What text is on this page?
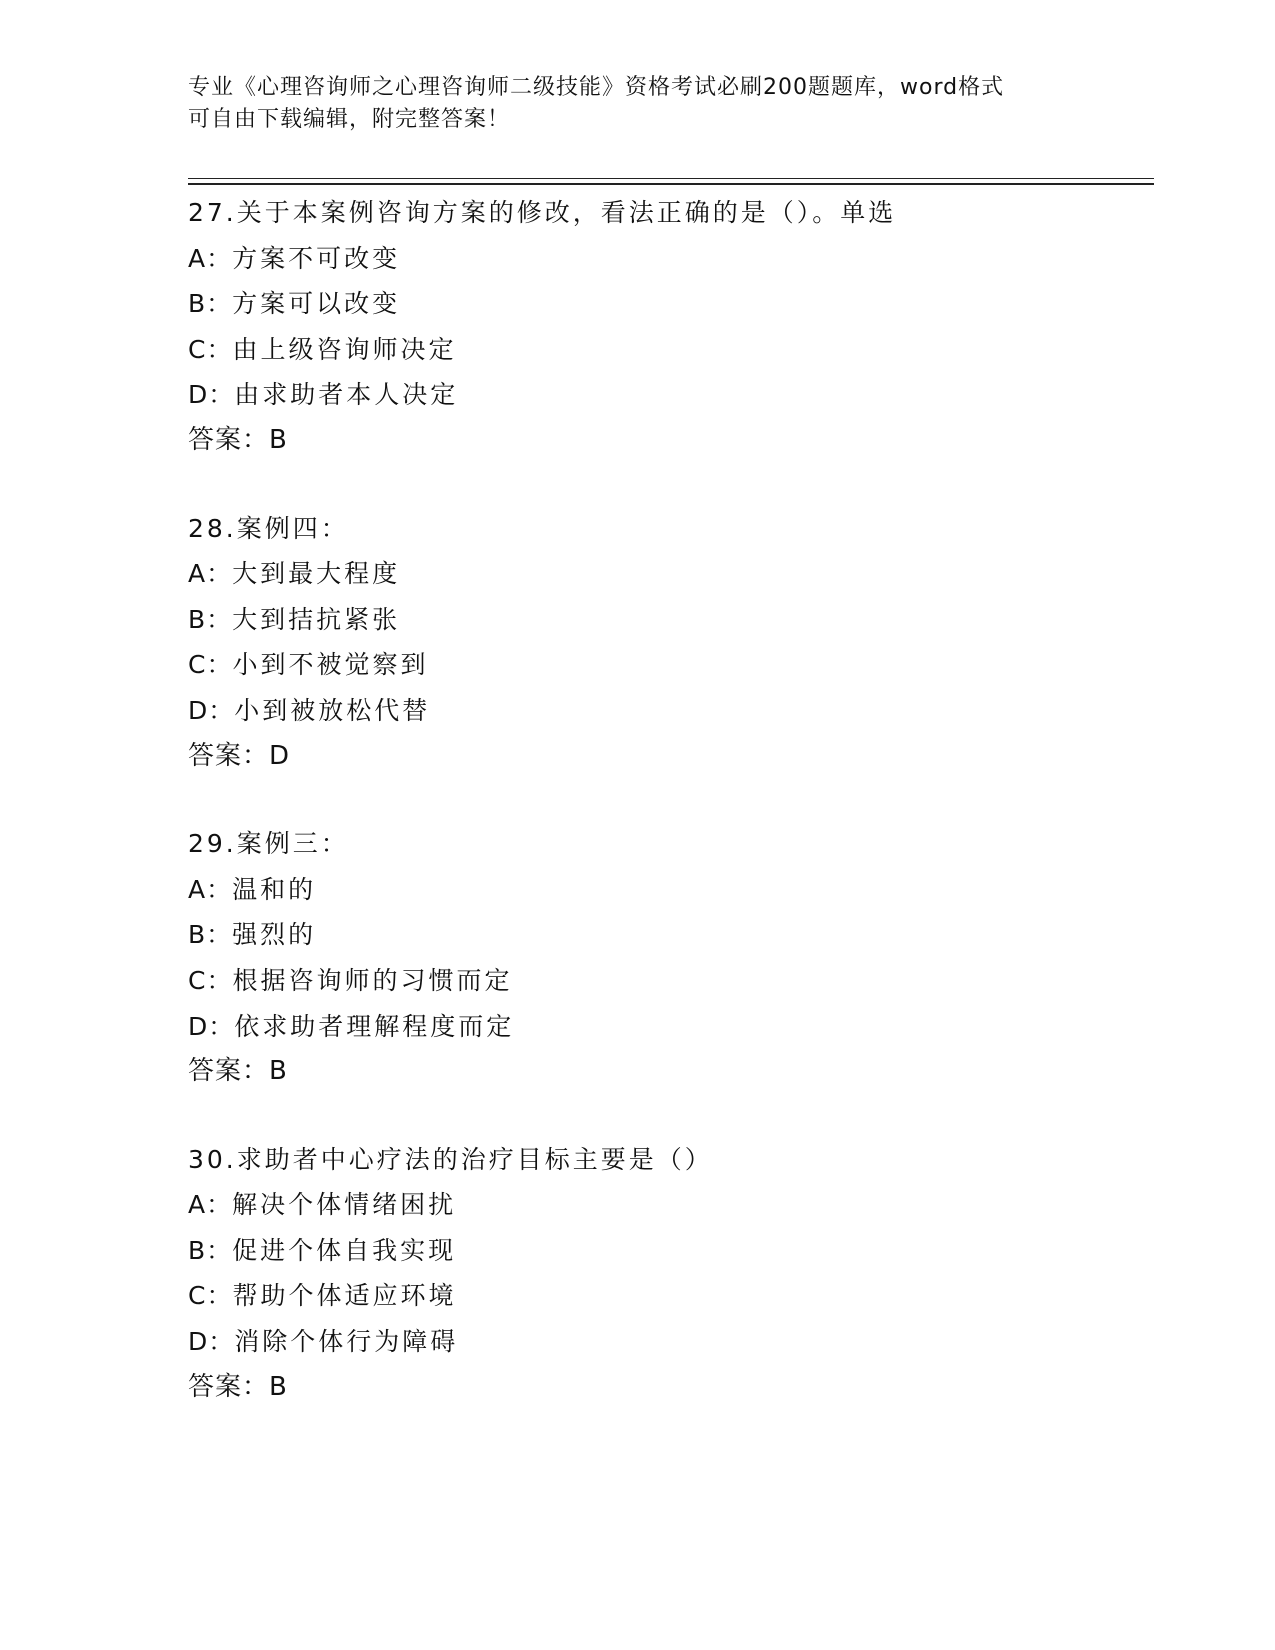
专业《心理咨询师之心理咨询师二级技能》资格考试必刷200题题库，word格式
可自由下载编辑，附完整答案！
27.关于本案例咨询方案的修改，看法正确的是（）。单选
A：方案不可改变
B：方案可以改变
C：由上级咨询师决定
D：由求助者本人决定
答案：B
28.案例四：
A：大到最大程度
B：大到拮抗紧张
C：小到不被觉察到
D：小到被放松代替
答案：D
29.案例三：
A：温和的
B：强烈的
C：根据咨询师的习惯而定
D：依求助者理解程度而定
答案：B
30.求助者中心疗法的治疗目标主要是（）
A：解决个体情绪困扰
B：促进个体自我实现
C：帮助个体适应环境
D：消除个体行为障碍
答案：B
